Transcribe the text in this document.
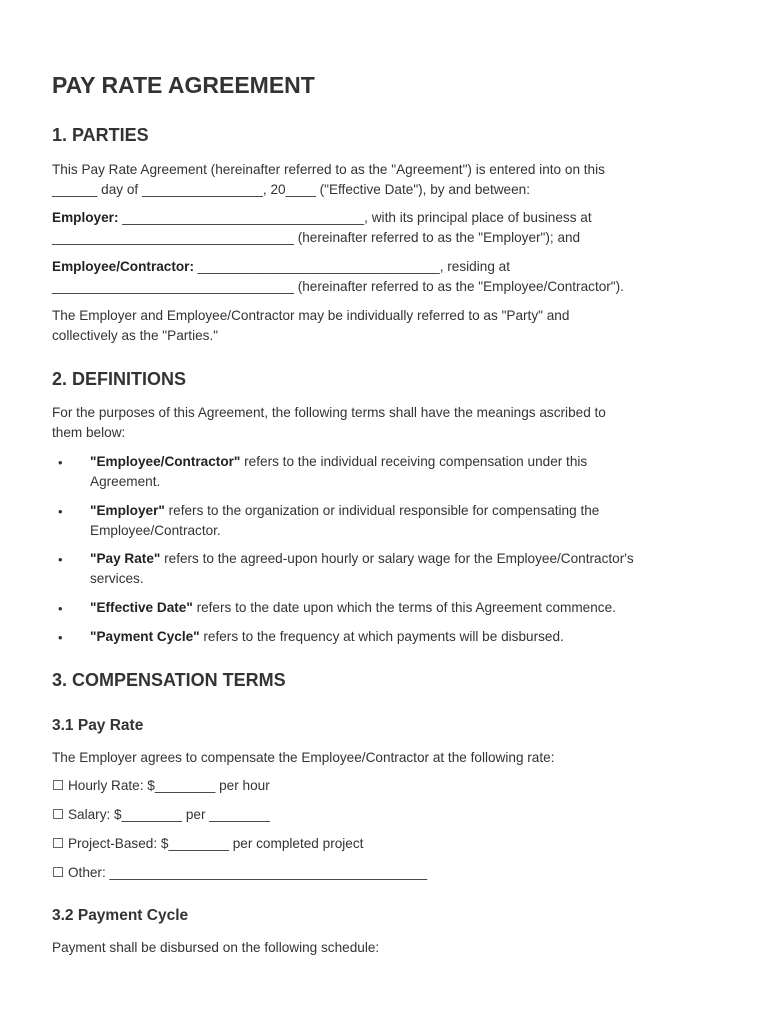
PAY RATE AGREEMENT
1. PARTIES
This Pay Rate Agreement (hereinafter referred to as the "Agreement") is entered into on this
______ day of ________________, 20____ ("Effective Date"), by and between:
Employer: ________________________________, with its principal place of business at
________________________________ (hereinafter referred to as the "Employer"); and
Employee/Contractor: ________________________________, residing at
________________________________ (hereinafter referred to as the "Employee/Contractor").
The Employer and Employee/Contractor may be individually referred to as "Party" and
collectively as the "Parties."
2. DEFINITIONS
For the purposes of this Agreement, the following terms shall have the meanings ascribed to
them below:
• "Employee/Contractor" refers to the individual receiving compensation under this
Agreement.
• "Employer" refers to the organization or individual responsible for compensating the
Employee/Contractor.
• "Pay Rate" refers to the agreed-upon hourly or salary wage for the Employee/Contractor's
services.
• "Effective Date" refers to the date upon which the terms of this Agreement commence.
• "Payment Cycle" refers to the frequency at which payments will be disbursed.
3. COMPENSATION TERMS
3.1 Pay Rate
The Employer agrees to compensate the Employee/Contractor at the following rate:
☐ Hourly Rate: $________ per hour
☐ Salary: $________ per ________
☐ Project-Based: $________ per completed project
☐ Other: __________________________________________
3.2 Payment Cycle
Payment shall be disbursed on the following schedule:
